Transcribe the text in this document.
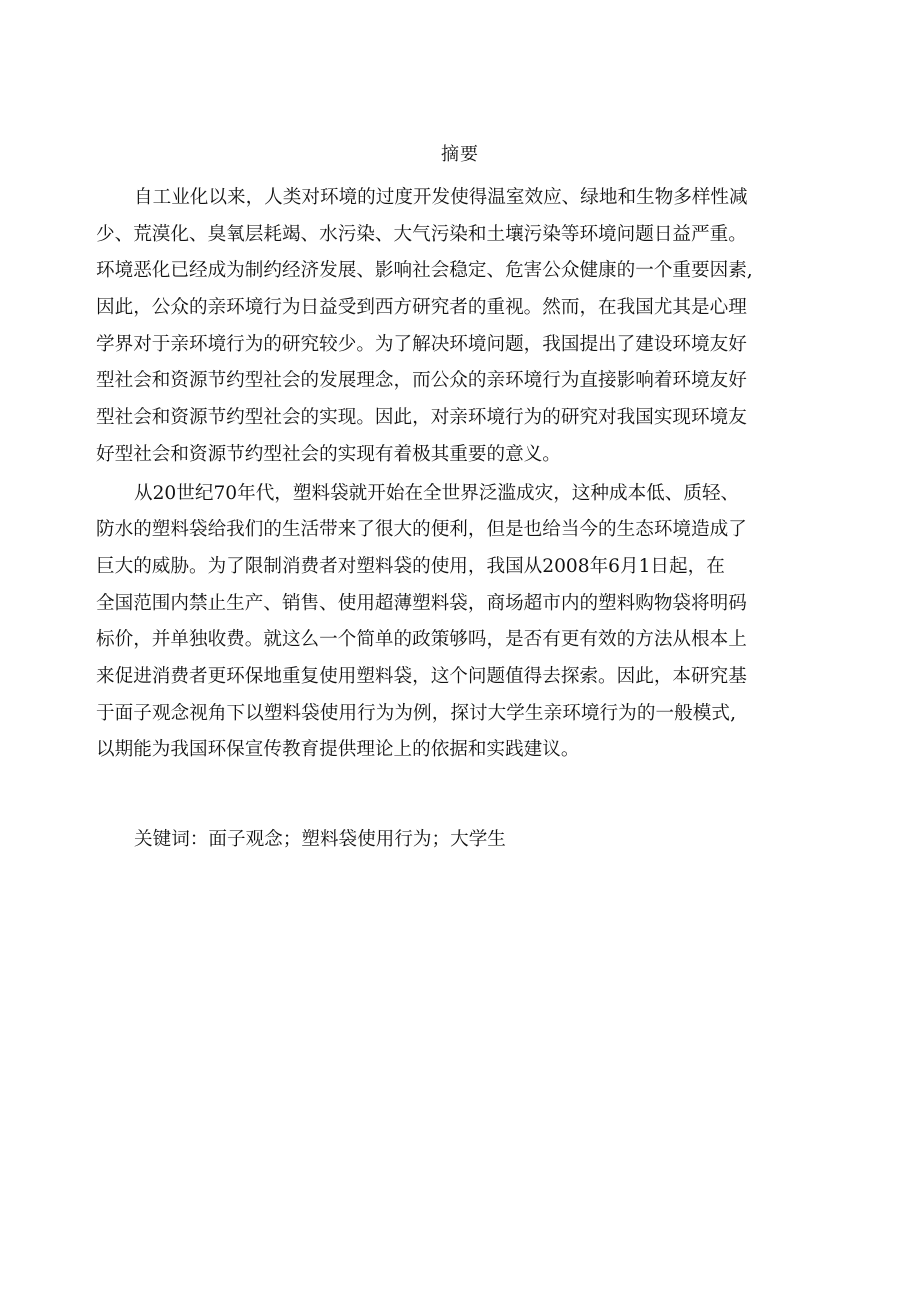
摘要
自工业化以来，人类对环境的过度开发使得温室效应、绿地和生物多样性减
少、荒漠化、臭氧层耗竭、水污染、大气污染和土壤污染等环境问题日益严重。
环境恶化已经成为制约经济发展、影响社会稳定、危害公众健康的一个重要因素,
因此，公众的亲环境行为日益受到西方研究者的重视。然而，在我国尤其是心理
学界对于亲环境行为的研究较少。为了解决环境问题，我国提出了建设环境友好
型社会和资源节约型社会的发展理念，而公众的亲环境行为直接影响着环境友好
型社会和资源节约型社会的实现。因此，对亲环境行为的研究对我国实现环境友
好型社会和资源节约型社会的实现有着极其重要的意义。
从20世纪70年代，塑料袋就开始在全世界泛滥成灾，这种成本低、质轻、
防水的塑料袋给我们的生活带来了很大的便利，但是也给当今的生态环境造成了
巨大的威胁。为了限制消费者对塑料袋的使用，我国从2008年6月1日起，在
全国范围内禁止生产、销售、使用超薄塑料袋，商场超市内的塑料购物袋将明码
标价，并单独收费。就这么一个简单的政策够吗，是否有更有效的方法从根本上
来促进消费者更环保地重复使用塑料袋，这个问题值得去探索。因此，本研究基
于面子观念视角下以塑料袋使用行为为例，探讨大学生亲环境行为的一般模式,
以期能为我国环保宣传教育提供理论上的依据和实践建议。
关键词：面子观念；塑料袋使用行为；大学生
